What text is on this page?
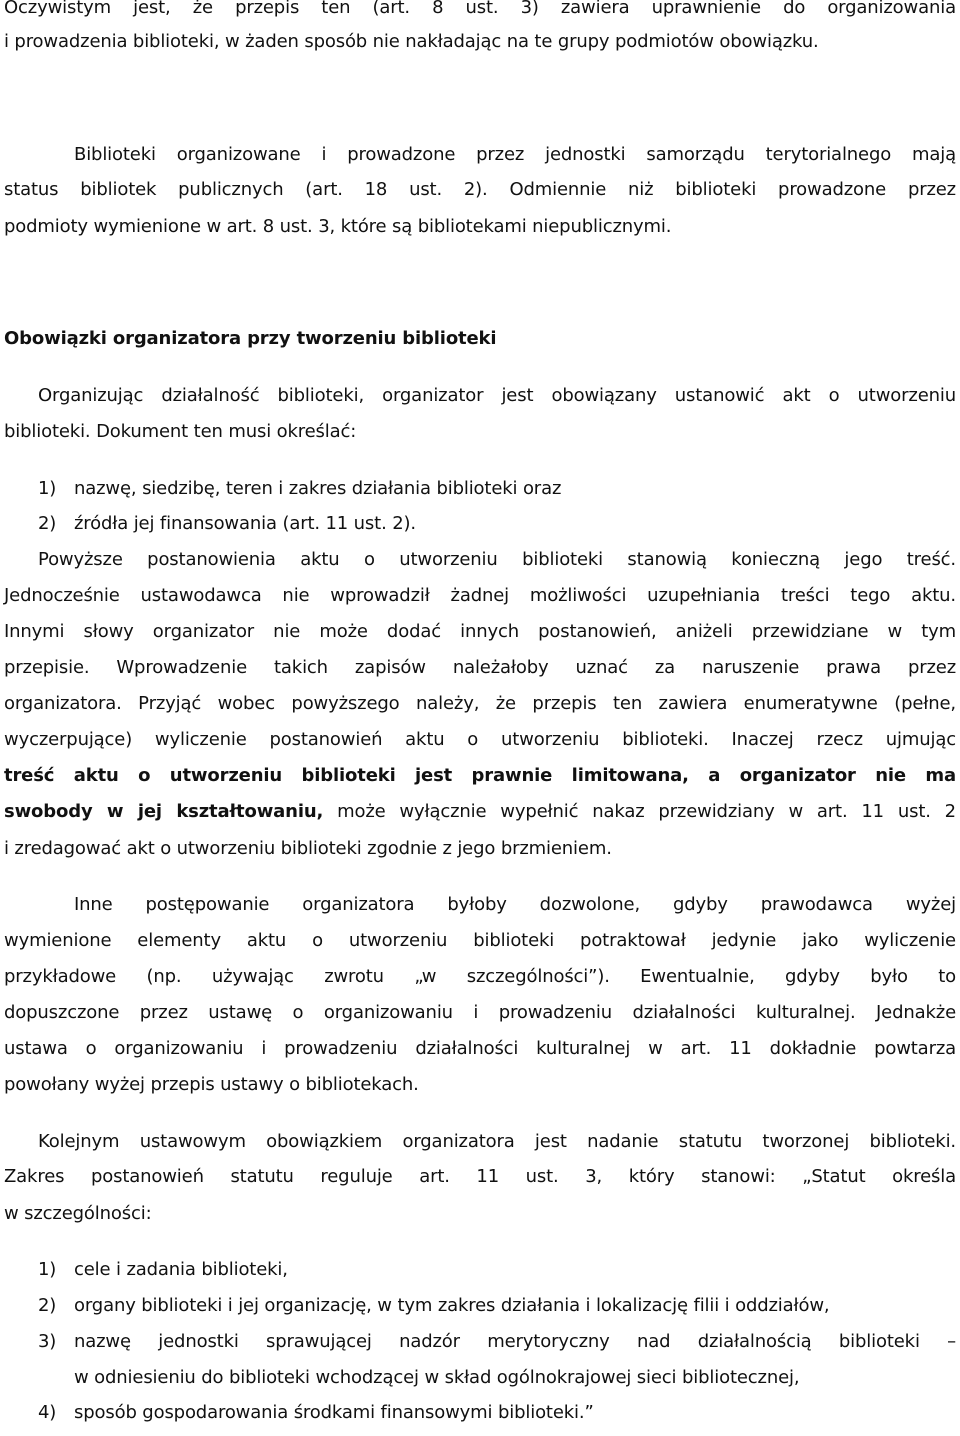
Oczywistym jest, że przepis ten (art. 8 ust. 3) zawiera uprawnienie do organizowania
i prowadzenia biblioteki, w żaden sposób nie nakładając na te grupy podmiotów obowiązku.
Biblioteki organizowane i prowadzone przez jednostki samorządu terytorialnego mają
status bibliotek publicznych (art. 18 ust. 2). Odmiennie niż biblioteki prowadzone przez
podmioty wymienione w art. 8 ust. 3, które są bibliotekami niepublicznymi.
Obowiązki organizatora przy tworzeniu biblioteki
Organizując działalność biblioteki, organizator jest obowiązany ustanowić akt o utworzeniu
biblioteki. Dokument ten musi określać:
1) nazwę, siedzibę, teren i zakres działania biblioteki oraz
2) źródła jej finansowania (art. 11 ust. 2).
Powyższe postanowienia aktu o utworzeniu biblioteki stanowią konieczną jego treść.
Jednocześnie ustawodawca nie wprowadził żadnej możliwości uzupełniania treści tego aktu.
Innymi słowy organizator nie może dodać innych postanowień, aniżeli przewidziane w tym
przepisie. Wprowadzenie takich zapisów należałoby uznać za naruszenie prawa przez
organizatora. Przyjąć wobec powyższego należy, że przepis ten zawiera enumeratywne (pełne,
wyczerpujące) wyliczenie postanowień aktu o utworzeniu biblioteki. Inaczej rzecz ujmując
treść aktu o utworzeniu biblioteki jest prawnie limitowana, a organizator nie ma
swobody w jej kształtowaniu, może wyłącznie wypełnić nakaz przewidziany w art. 11 ust. 2
i zredagować akt o utworzeniu biblioteki zgodnie z jego brzmieniem.
Inne postępowanie organizatora byłoby dozwolone, gdyby prawodawca wyżej
wymienione elementy aktu o utworzeniu biblioteki potraktował jedynie jako wyliczenie
przykładowe (np. używając zwrotu „w szczególności”). Ewentualnie, gdyby było to
dopuszczone przez ustawę o organizowaniu i prowadzeniu działalności kulturalnej. Jednakże
ustawa o organizowaniu i prowadzeniu działalności kulturalnej w art. 11 dokładnie powtarza
powołany wyżej przepis ustawy o bibliotekach.
Kolejnym ustawowym obowiązkiem organizatora jest nadanie statutu tworzonej biblioteki.
Zakres postanowień statutu reguluje art. 11 ust. 3, który stanowi: „Statut określa
w szczególności:
1) cele i zadania biblioteki,
2) organy biblioteki i jej organizację, w tym zakres działania i lokalizację filii i oddziałów,
3) nazwę jednostki sprawującej nadzór merytoryczny nad działalnością biblioteki –
w odniesieniu do biblioteki wchodzącej w skład ogólnokrajowej sieci bibliotecznej,
4) sposób gospodarowania środkami finansowymi biblioteki.”
